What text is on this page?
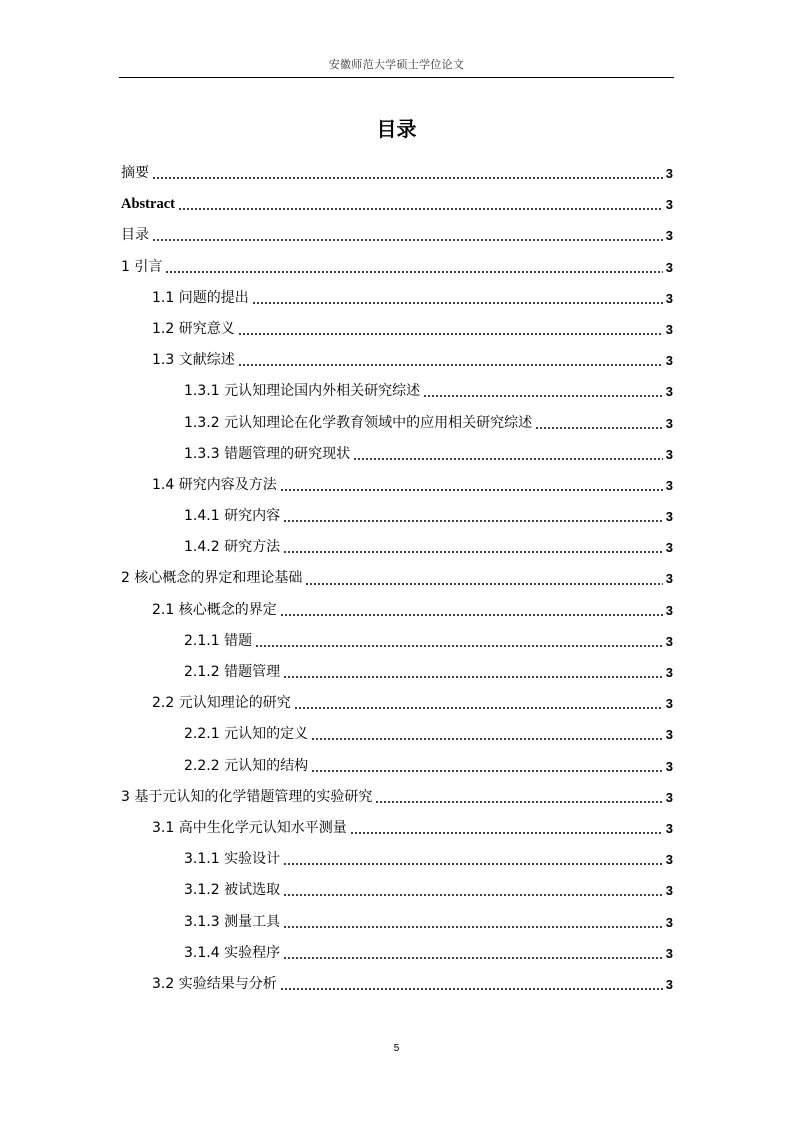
安徽师范大学硕士学位论文
目录
摘要	3
Abstract	3
目录	3
1 引言	3
1.1 问题的提出	3
1.2 研究意义	3
1.3 文献综述	3
1.3.1 元认知理论国内外相关研究综述	3
1.3.2 元认知理论在化学教育领域中的应用相关研究综述	3
1.3.3 错题管理的研究现状	3
1.4 研究内容及方法	3
1.4.1 研究内容	3
1.4.2 研究方法	3
2 核心概念的界定和理论基础	3
2.1 核心概念的界定	3
2.1.1 错题	3
2.1.2 错题管理	3
2.2 元认知理论的研究	3
2.2.1 元认知的定义	3
2.2.2 元认知的结构	3
3 基于元认知的化学错题管理的实验研究	3
3.1 高中生化学元认知水平测量	3
3.1.1 实验设计	3
3.1.2 被试选取	3
3.1.3 测量工具	3
3.1.4 实验程序	3
3.2 实验结果与分析	3
5
